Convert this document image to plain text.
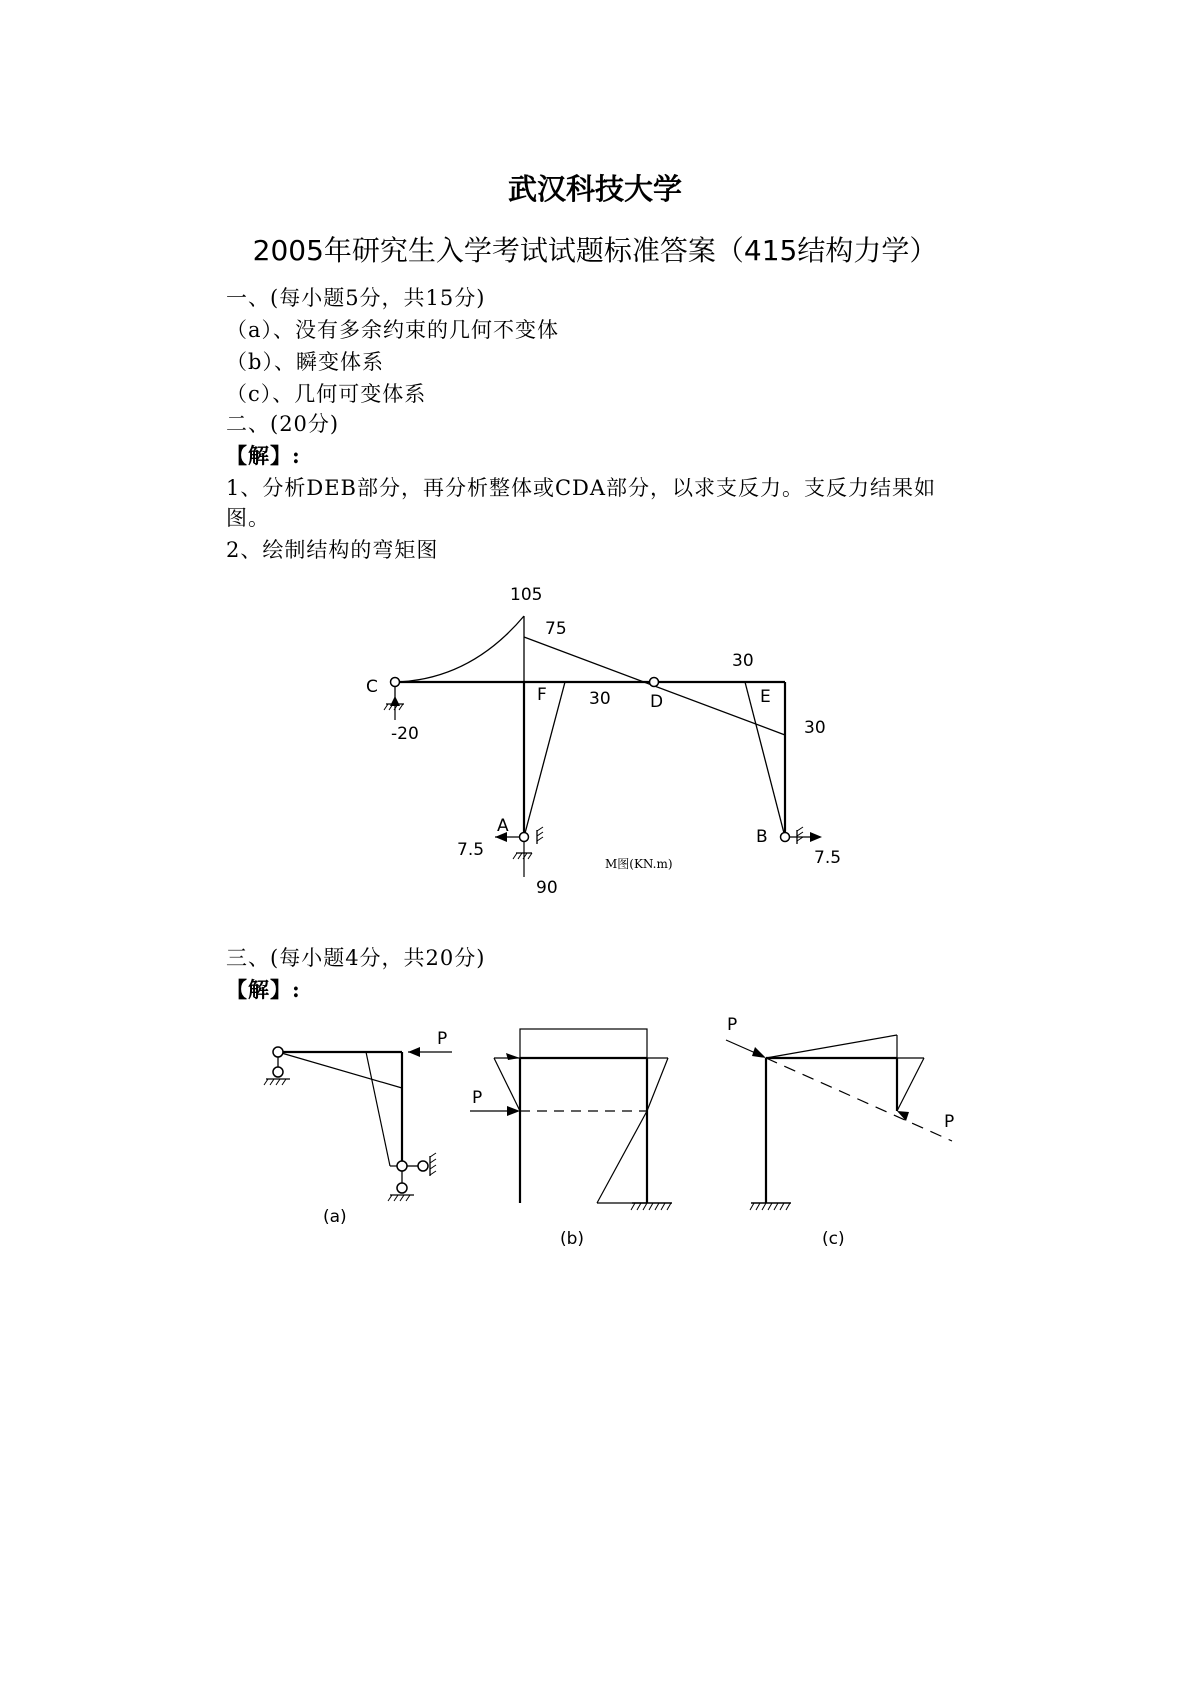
武汉科技大学
2005年研究生入学考试试题标准答案（415结构力学）
一、(每小题5分，共15分)
（a）、没有多余约束的几何不变体
（b）、瞬变体系
（c）、几何可变体系
二、(20分)
【解】:
1、分析DEB部分，再分析整体或CDA部分，以求支反力。支反力结果如
图。
2、绘制结构的弯矩图
105
75
C	F 30 D
30
E
30
-20
A
7.5
90
B
7.5
M图(KN.m)
P
(a)
P
(b)
P
P
(c)
三、(每小题4分，共20分)
【解】:
